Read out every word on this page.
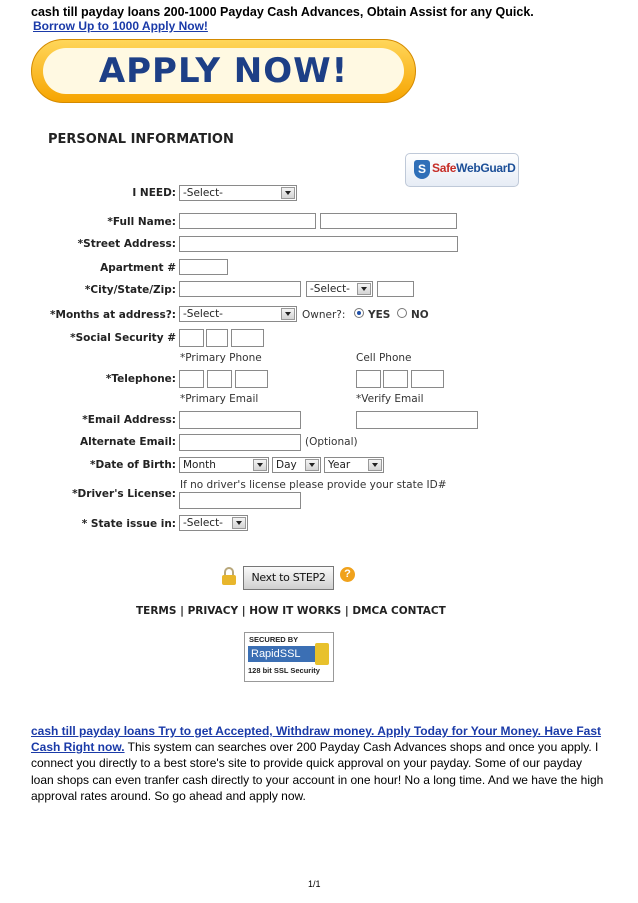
cash till payday loans 200-1000 Payday Cash Advances, Obtain Assist for any Quick.
Borrow Up to 1000 Apply Now!
APPLY NOW!
PERSONAL INFORMATION
S SafeWebGuarD
I NEED: -Select-
*Full Name:
*Street Address:
Apartment #
*City/State/Zip:	-Select-
*Months at address?: -Select-	Owner?: YES NO
*Social Security #
*Primary Phone	Cell Phone
*Telephone:
*Primary Email	*Verify Email
*Email Address:
Alternate Email:	(Optional)
*Date of Birth: Month	Day	Year
If no driver's license please provide your state ID#
*Driver's License:
* State issue in: -Select-
Next to STEP2	?
TERMS | PRIVACY | HOW IT WORKS | DMCA CONTACT
SECURED BY
RapidSSL
128 bit SSL Security
cash till payday loans Try to get Accepted, Withdraw money. Apply Today for Your Money. Have Fast Cash Right now. This system can searches over 200 Payday Cash Advances shops and once you apply. I connect you directly to a best store's site to provide quick approval on your payday. Some of our payday loan shops can even tranfer cash directly to your account in one hour! No a long time. And we have the high approval rates around. So go ahead and apply now.
1/1
